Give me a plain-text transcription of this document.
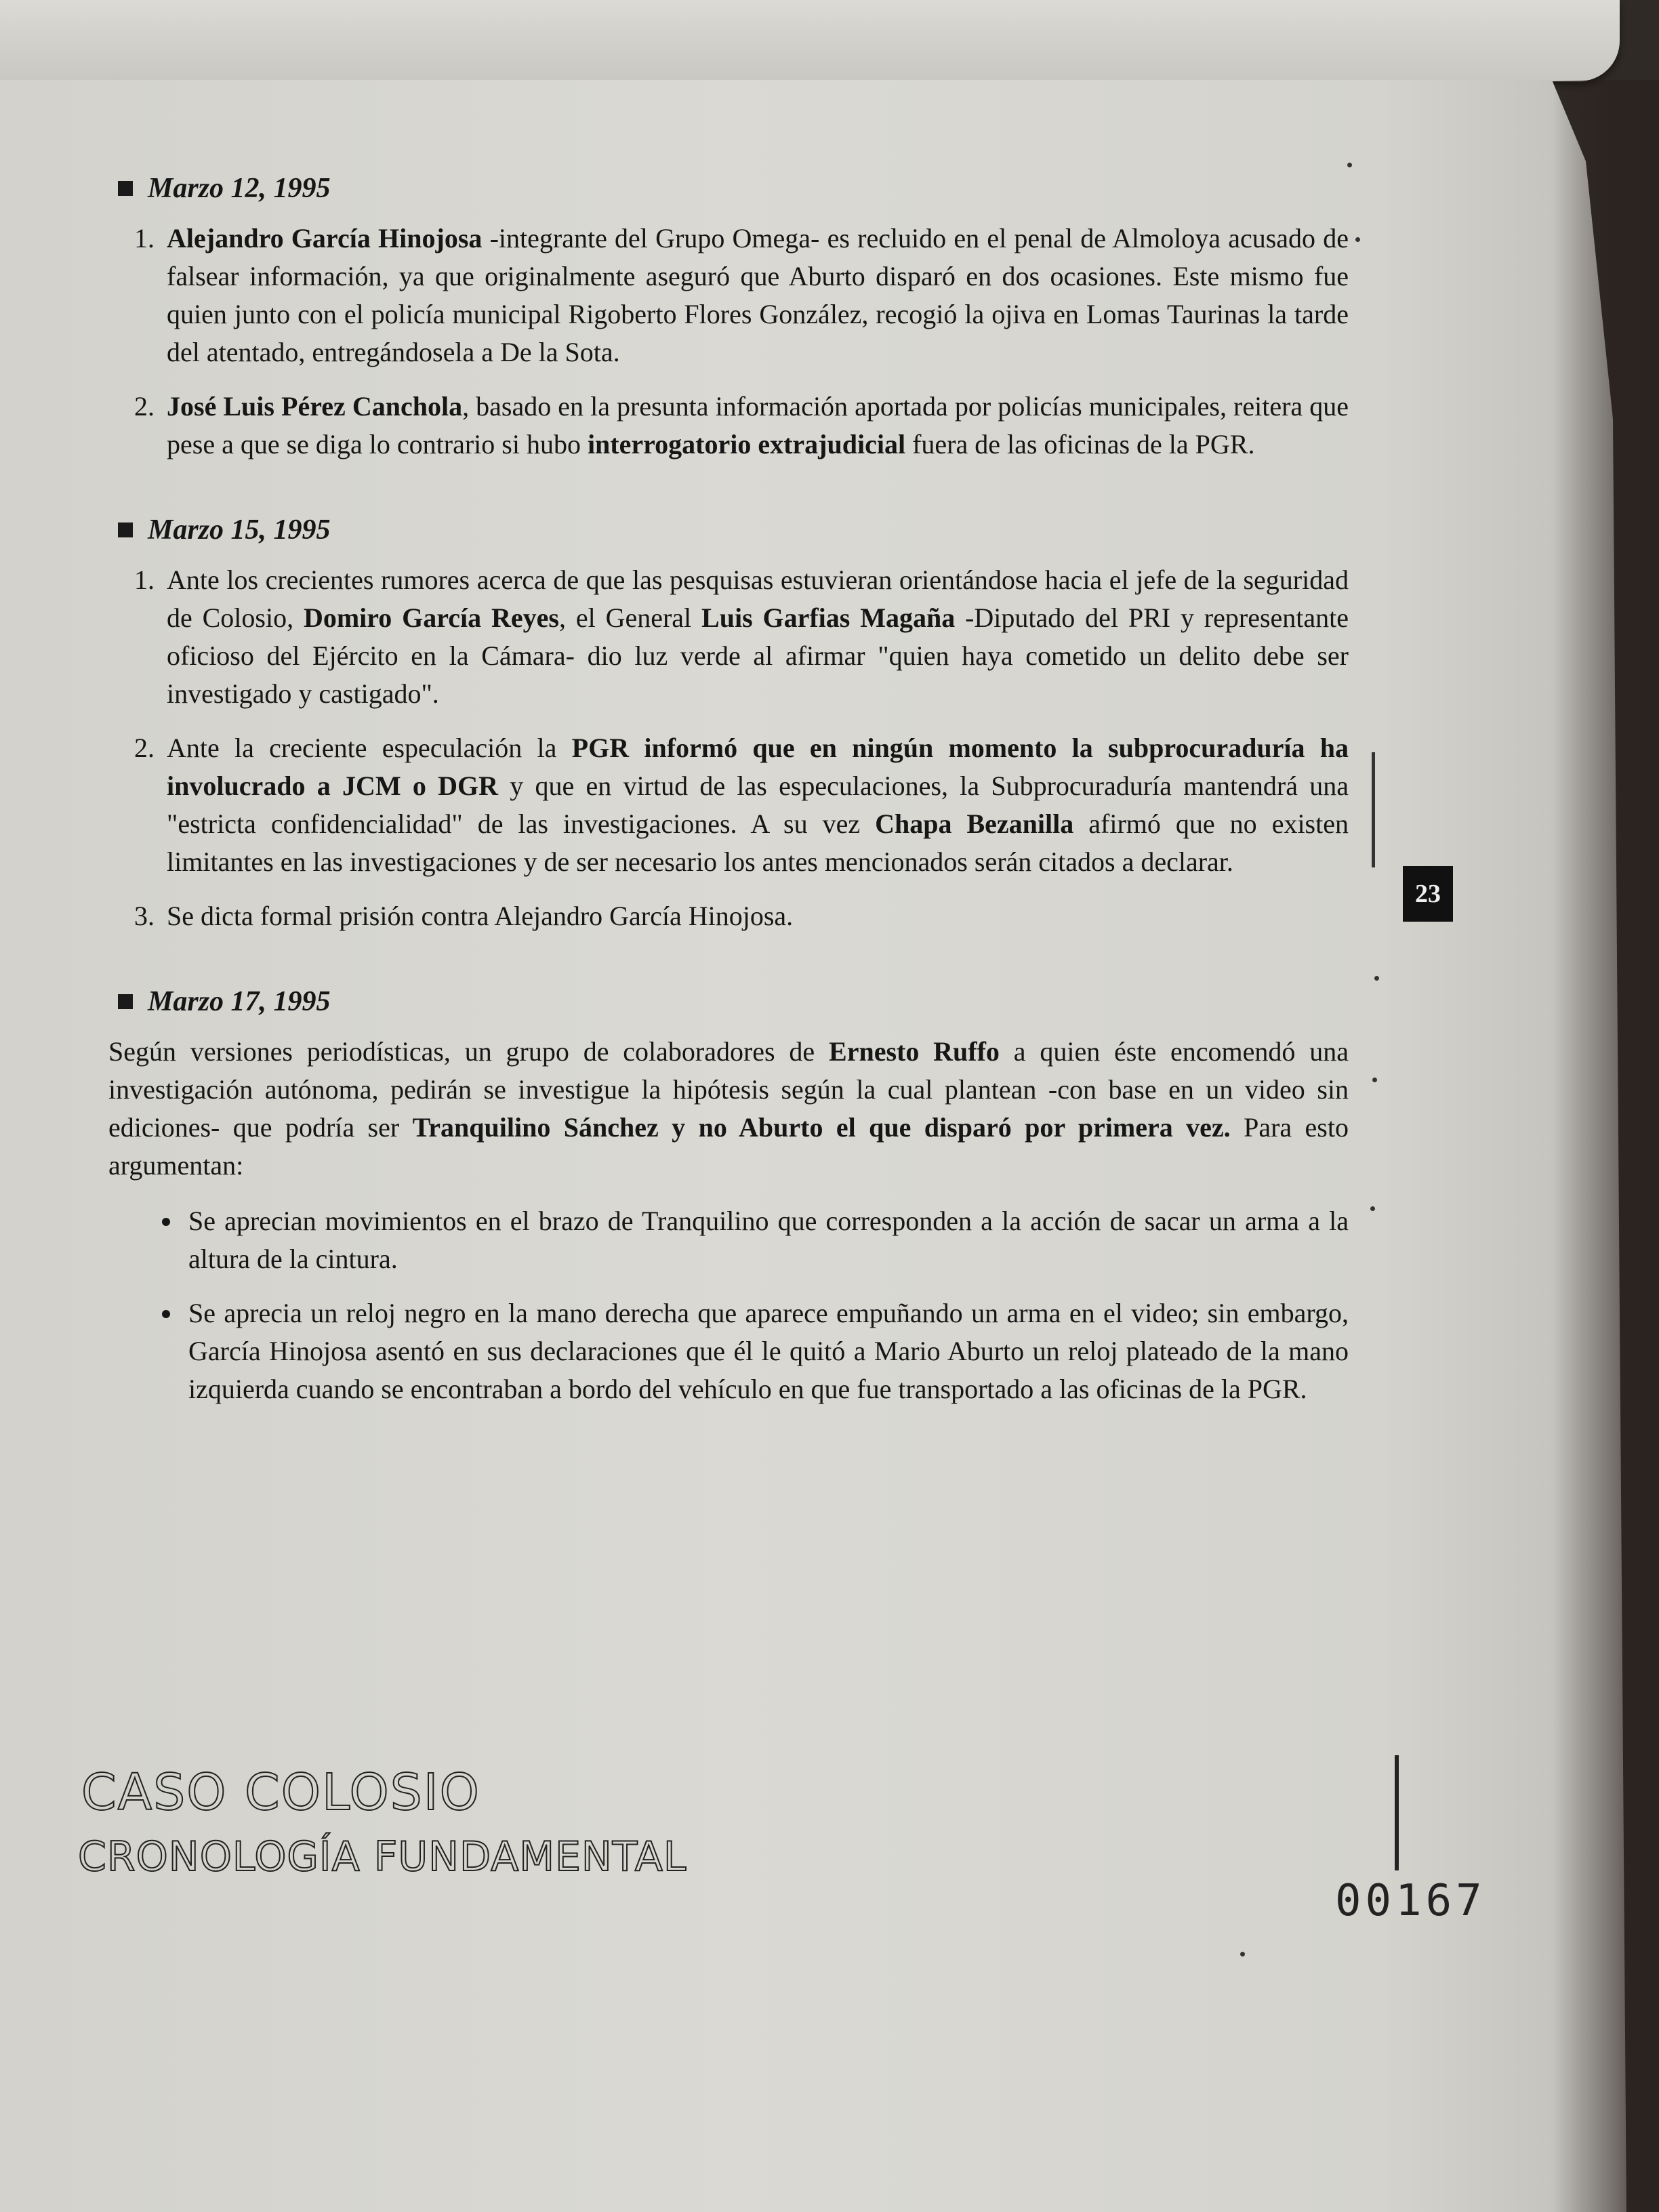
Marzo 12, 1995
1. Alejandro García Hinojosa -integrante del Grupo Omega- es recluido en el penal de Almoloya acusado de falsear información, ya que originalmente aseguró que Aburto disparó en dos ocasiones. Este mismo fue quien junto con el policía municipal Rigoberto Flores González, recogió la ojiva en Lomas Taurinas la tarde del atentado, entregándosela a De la Sota.
2. José Luis Pérez Canchola, basado en la presunta información aportada por policías municipales, reitera que pese a que se diga lo contrario si hubo interrogatorio extrajudicial fuera de las oficinas de la PGR.
Marzo 15, 1995
1. Ante los crecientes rumores acerca de que las pesquisas estuvieran orientándose hacia el jefe de la seguridad de Colosio, Domiro García Reyes, el General Luis Garfias Magaña -Diputado del PRI y representante oficioso del Ejército en la Cámara- dio luz verde al afirmar "quien haya cometido un delito debe ser investigado y castigado".
2. Ante la creciente especulación la PGR informó que en ningún momento la subprocuraduría ha involucrado a JCM o DGR y que en virtud de las especulaciones, la Subprocuraduría mantendrá una "estricta confidencialidad" de las investigaciones. A su vez Chapa Bezanilla afirmó que no existen limitantes en las investigaciones y de ser necesario los antes mencionados serán citados a declarar.
3. Se dicta formal prisión contra Alejandro García Hinojosa.
Marzo 17, 1995
Según versiones periodísticas, un grupo de colaboradores de Ernesto Ruffo a quien éste encomendó una investigación autónoma, pedirán se investigue la hipótesis según la cual plantean -con base en un video sin ediciones- que podría ser Tranquilino Sánchez y no Aburto el que disparó por primera vez. Para esto argumentan:
• Se aprecian movimientos en el brazo de Tranquilino que corresponden a la acción de sacar un arma a la altura de la cintura.
• Se aprecia un reloj negro en la mano derecha que aparece empuñando un arma en el video; sin embargo, García Hinojosa asentó en sus declaraciones que él le quitó a Mario Aburto un reloj plateado de la mano izquierda cuando se encontraban a bordo del vehículo en que fue transportado a las oficinas de la PGR.
23
CASO COLOSIO
CRONOLOGÍA FUNDAMENTAL
00167
